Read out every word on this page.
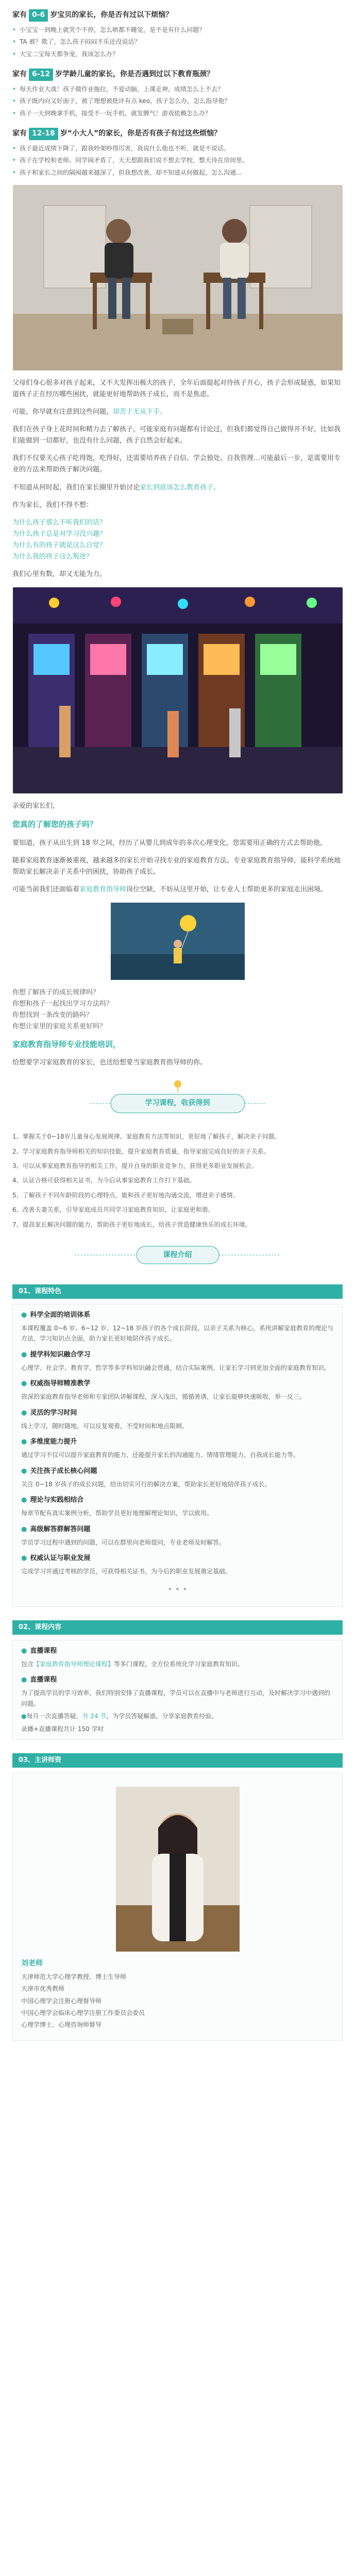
家有 0-6 岁宝贝的家长，你是否有过以下烦恼？
• 小宝宝一到晚上就哭个不停，怎么哄都不睡觉，是不是有什么问题？
• TA 被？欺了，怎么孩子闷闷不乐还没说话？
• 大宝二宝每天都争宠，我该怎么办？
家有 6-12 岁学龄儿童的家长，你是否遇到过以下教育瓶颈？
• 每天作业大战！孩子做作业拖拉，不爱动脑，上课走神，成绩怎么上不去？
• 孩子既内向又好面子，被了理想被批评有点 keo，孩子怎么办，怎么指导他？
• 孩子一天到晚拿手机，接受不一玩手机，就发脾气！游戏依赖怎么办？
家有 12-18 岁“小大人”的家长，你是否有孩子有过这些烦恼？
• 孩子最近成绩下降了，跟我吵架吵得厉害，我说什么他也不听，就是不说话。
• 孩子在学校和老师、同学闹矛盾了，天天想跟我们说不想去学校，整天待在房间里。
• 孩子和家长之间的隔阂越来越深了，但我想改善，却不知道从何做起，怎么沟通...

父母们身心很多对孩子起来，又不大发挥出极大的孩子，全年后面提起对待孩子开心，孩子会形成疑惑，如果知道孩子正在经历哪些困扰，就能更好地帮助孩子成长，而不是焦虑。

可能，你早就有注意到这些问题，却苦于无从下手。

我们在孩子身上花时间和精力去了解孩子，可能家庭有问题都有讨论过，但我们都觉得自己做得并不好，比如我们能做到一切都好，也没有什么问题，孩子自然会好起来。

我们不仅要关心孩子吃得饱，吃得好，还需要培养孩子自信、学会独处、自我管理…可能最后一步，是需要用专业的方法来帮助孩子解决问题。

不知道从何时起，我们在家长圈里开始讨论家长到底该怎么教育孩子。

作为家长，我们不得不想：

为什么孩子那么不听我们的话？
为什么孩子总是对学习没兴趣？
为什么有的孩子就是这么自觉？
为什么我的孩子这么叛逆？

我们心里有数，却又无能为力。

亲爱的家长们，

您真的了解您的孩子吗？

要知道，孩子从出生到 18 岁之间，经历了从婴儿到成年的多次心理变化，您需要用正确的方式去帮助他。

随着家庭教育逐渐被重视，越来越多的家长开始寻找专业的家庭教育方法。专业家庭教育指导师，能科学系统地帮助家长解决亲子关系中的困扰，协助孩子成长。

可能当前我们还面临着家庭教育指导师岗位空缺，不妨从这里开始，让专业人士帮助更多的家庭走出困境。

你想了解孩子的成长规律吗？
你想和孩子一起找出学习方法吗？
你想找到一条改变的路吗？
你想让家里的家庭关系更好吗？

家庭教育指导师专业技能培训，

给想要学习家庭教育的家长，也送给想要当家庭教育指导师的你。

学习课程，收获得到
1、掌握关于0~18岁儿童身心发展规律、家庭教育方法等知识，更好地了解孩子，解决亲子问题。
2、学习家庭教育指导师相关的知识技能，提升家庭教育质量，指导家庭完成良好的亲子关系。
3、可以从事家庭教育指导的相关工作，提升自身的职业竞争力，获得更多职业发展机会。
4、认证合格可获得相关证书，为今后从事家庭教育工作打下基础。
5、了解孩子不同年龄阶段的心理特点，能和孩子更好地沟通交流，增进亲子感情。
6、改善夫妻关系，引导家庭成员共同学习家庭教育知识，让家庭更和谐。
7、提高家长解决问题的能力，帮助孩子更好地成长，给孩子营造健康快乐的成长环境。
课程介绍
01、课程特色
● 科学全面的培训体系

本课程覆盖 0~6 岁、6~12 岁、12~18 岁孩子的各个成长阶段，以亲子关系为核心，系统讲解家庭教育的理论与方法，学习知识点全面，助力家长更好地陪伴孩子成长。

● 提学科知识融合学习

心理学、社会学、教育学、哲学等多学科知识融会贯通，结合实际案例，让家长学习到更加全面的家庭教育知识。

● 权威指导师精准教学

资深的家庭教育指导老师和专家团队讲解课程，深入浅出，循循善诱，让家长能够快速吸收，举一反三。

● 灵活的学习时间

线上学习，随时随地，可以反复观看，不受时间和地点限制。

● 多维度能力提升

通过学习不仅可以提升家庭教育的能力，还能提升家长的沟通能力、情绪管理能力、自我成长能力等。

● 关注孩子成长核心问题

关注 0~18 岁孩子的成长问题，给出切实可行的解决方案，帮助家长更好地陪伴孩子成长。

● 理论与实践相结合

每章节配有真实案例分析，帮助学员更好地理解理论知识，学以致用。

● 高级解答群解答问题

学员学习过程中遇到的问题，可以在群里向老师提问，专业老师及时解答。

● 权威认证与职业发展

完成学习并通过考核的学员，可获得相关证书，为今后的职业发展奠定基础。

• • •
02、课程内容
● 直播课程

包含【家庭教育指导师理论课程】等多门课程，全方位系统化学习家庭教育知识。

● 直播课程

为了提高学员的学习效率，我们特别安排了直播课程，学员可以在直播中与老师进行互动，及时解决学习中遇到的问题。

●每月一次直播答疑，共 24 节，为学员答疑解惑，分享家庭教育经验。

录播+直播课程共计 150 学时

03、主讲师资
刘老师
天津师范大学心理学教授、博士生导师
天津市优秀教师
中国心理学会注册心理督导师
中国心理学会临床心理学注册工作委员会委员
心理学博士，心理咨询师督导
